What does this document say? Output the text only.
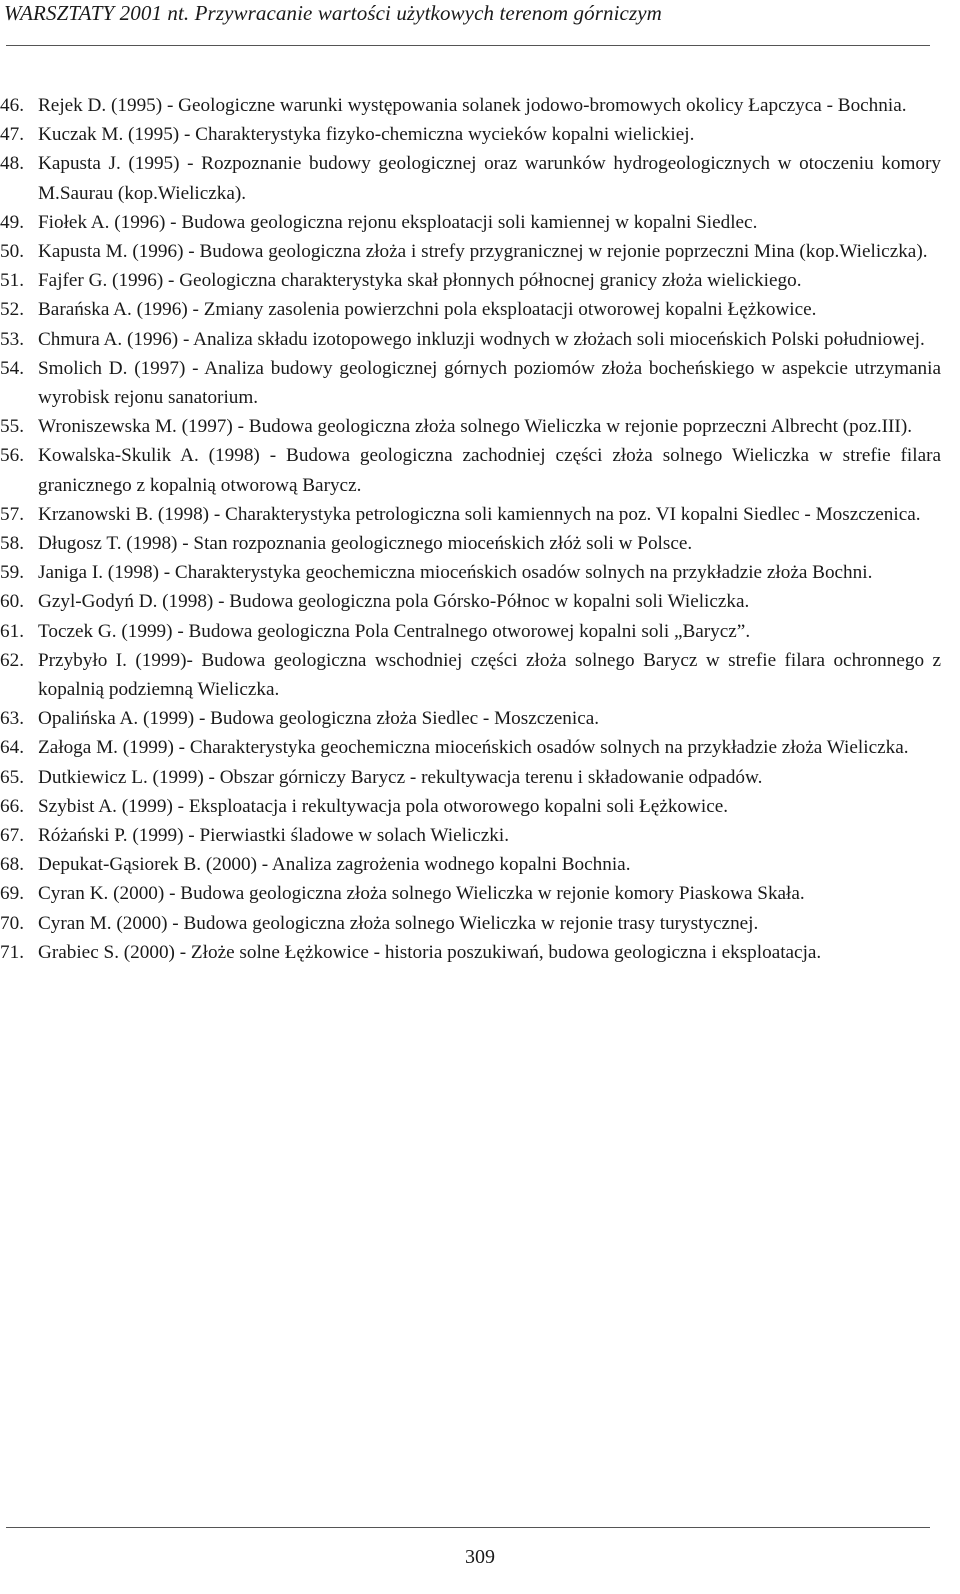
WARSZTATY 2001 nt. Przywracanie wartości użytkowych terenom górniczym
46. Rejek D. (1995) - Geologiczne warunki występowania solanek jodowo-bromowych okolicy Łapczyca - Bochnia.
47. Kuczak M. (1995) - Charakterystyka fizyko-chemiczna wycieków kopalni wielickiej.
48. Kapusta J. (1995) - Rozpoznanie budowy geologicznej oraz warunków hydrogeologicznych w otoczeniu komory M.Saurau (kop.Wieliczka).
49. Fiołek A. (1996) - Budowa geologiczna rejonu eksploatacji soli kamiennej w kopalni Siedlec.
50. Kapusta M. (1996) - Budowa geologiczna złoża i strefy przygranicznej w rejonie poprzeczni Mina (kop.Wieliczka).
51. Fajfer G. (1996) - Geologiczna charakterystyka skał płonnych północnej granicy złoża wielickiego.
52. Barańska A. (1996) - Zmiany zasolenia powierzchni pola eksploatacji otworowej kopalni Łężkowice.
53. Chmura A. (1996) - Analiza składu izotopowego inkluzji wodnych w złożach soli mioceńskich Polski południowej.
54. Smolich D. (1997) - Analiza budowy geologicznej górnych poziomów złoża bocheńskiego w aspekcie utrzymania wyrobisk rejonu sanatorium.
55. Wroniszewska M. (1997) - Budowa geologiczna złoża solnego Wieliczka w rejonie poprzeczni Albrecht (poz.III).
56. Kowalska-Skulik A. (1998) - Budowa geologiczna zachodniej części złoża solnego Wieliczka w strefie filara granicznego z kopalnią otworową Barycz.
57. Krzanowski B. (1998) - Charakterystyka petrologiczna soli kamiennych na poz. VI kopalni Siedlec - Moszczenica.
58. Długosz T. (1998) - Stan rozpoznania geologicznego mioceńskich złóż soli w Polsce.
59. Janiga I. (1998) - Charakterystyka geochemiczna mioceńskich osadów solnych na przykładzie złoża Bochni.
60. Gzyl-Godyń D. (1998) - Budowa geologiczna pola Górsko-Północ w kopalni soli Wieliczka.
61. Toczek G. (1999) - Budowa geologiczna Pola Centralnego otworowej kopalni soli „Barycz”.
62. Przybyło I. (1999)- Budowa geologiczna wschodniej części złoża solnego Barycz w strefie filara ochronnego z kopalnią podziemną Wieliczka.
63. Opalińska A. (1999) - Budowa geologiczna złoża Siedlec - Moszczenica.
64. Załoga M. (1999) - Charakterystyka geochemiczna mioceńskich osadów solnych na przykładzie złoża Wieliczka.
65. Dutkiewicz L. (1999) - Obszar górniczy Barycz - rekultywacja terenu i składowanie odpadów.
66. Szybist A. (1999) - Eksploatacja i rekultywacja pola otworowego kopalni soli Łężkowice.
67. Różański P. (1999) - Pierwiastki śladowe w solach Wieliczki.
68. Depukat-Gąsiorek B. (2000) - Analiza zagrożenia wodnego kopalni Bochnia.
69. Cyran K. (2000) - Budowa geologiczna złoża solnego Wieliczka w rejonie komory Piaskowa Skała.
70. Cyran M. (2000) - Budowa geologiczna złoża solnego Wieliczka w rejonie trasy turystycznej.
71. Grabiec S. (2000) - Złoże solne Łężkowice - historia poszukiwań, budowa geologiczna i eksploatacja.
309
